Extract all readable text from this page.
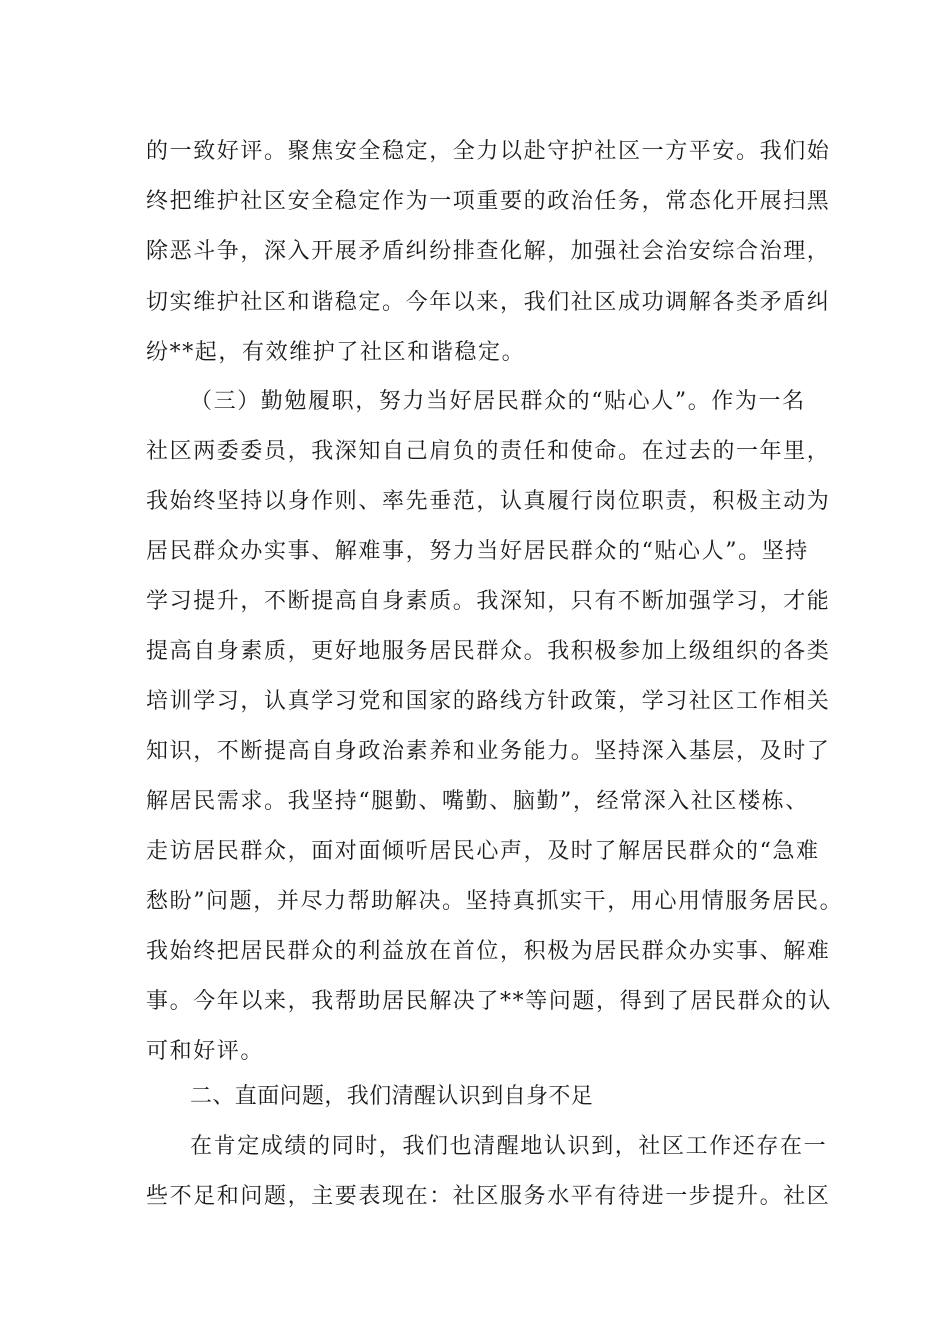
的一致好评。聚焦安全稳定，全力以赴守护社区一方平安。我们始
终把维护社区安全稳定作为一项重要的政治任务，常态化开展扫黑
除恶斗争，深入开展矛盾纠纷排查化解，加强社会治安综合治理，
切实维护社区和谐稳定。今年以来，我们社区成功调解各类矛盾纠
纷**起，有效维护了社区和谐稳定。
（三）勤勉履职，努力当好居民群众的“贴心人”。作为一名
社区两委委员，我深知自己肩负的责任和使命。在过去的一年里，
我始终坚持以身作则、率先垂范，认真履行岗位职责，积极主动为
居民群众办实事、解难事，努力当好居民群众的“贴心人”。坚持
学习提升，不断提高自身素质。我深知，只有不断加强学习，才能
提高自身素质，更好地服务居民群众。我积极参加上级组织的各类
培训学习，认真学习党和国家的路线方针政策，学习社区工作相关
知识，不断提高自身政治素养和业务能力。坚持深入基层，及时了
解居民需求。我坚持“腿勤、嘴勤、脑勤”，经常深入社区楼栋、
走访居民群众，面对面倾听居民心声，及时了解居民群众的“急难
愁盼”问题，并尽力帮助解决。坚持真抓实干，用心用情服务居民。
我始终把居民群众的利益放在首位，积极为居民群众办实事、解难
事。今年以来，我帮助居民解决了**等问题，得到了居民群众的认
可和好评。
二、直面问题，我们清醒认识到自身不足
在肯定成绩的同时，我们也清醒地认识到，社区工作还存在一
些不足和问题，主要表现在：社区服务水平有待进一步提升。社区
